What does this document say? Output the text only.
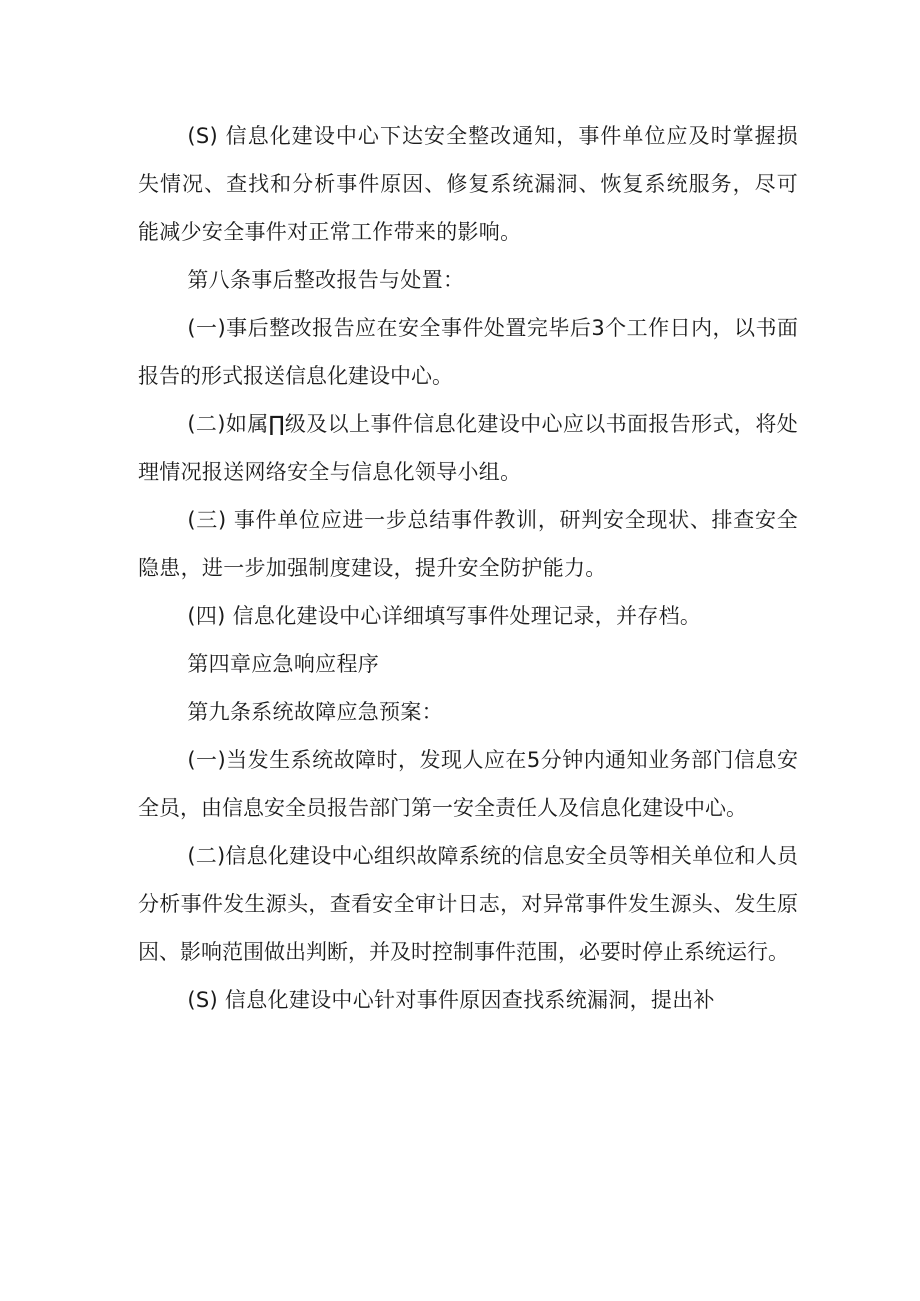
(S) 信息化建设中心下达安全整改通知，事件单位应及时掌握损失情况、查找和分析事件原因、修复系统漏洞、恢复系统服务，尽可能减少安全事件对正常工作带来的影响。

第八条事后整改报告与处置：

(一)事后整改报告应在安全事件处置完毕后3个工作日内，以书面报告的形式报送信息化建设中心。

(二)如属∏级及以上事件信息化建设中心应以书面报告形式，将处理情况报送网络安全与信息化领导小组。

(三) 事件单位应进一步总结事件教训，研判安全现状、排查安全隐患，进一步加强制度建设，提升安全防护能力。

(四) 信息化建设中心详细填写事件处理记录，并存档。

第四章应急响应程序

第九条系统故障应急预案：

(一)当发生系统故障时，发现人应在5分钟内通知业务部门信息安全员，由信息安全员报告部门第一安全责任人及信息化建设中心。

(二)信息化建设中心组织故障系统的信息安全员等相关单位和人员分析事件发生源头，查看安全审计日志，对异常事件发生源头、发生原因、影响范围做出判断，并及时控制事件范围，必要时停止系统运行。

(S) 信息化建设中心针对事件原因查找系统漏洞，提出补
